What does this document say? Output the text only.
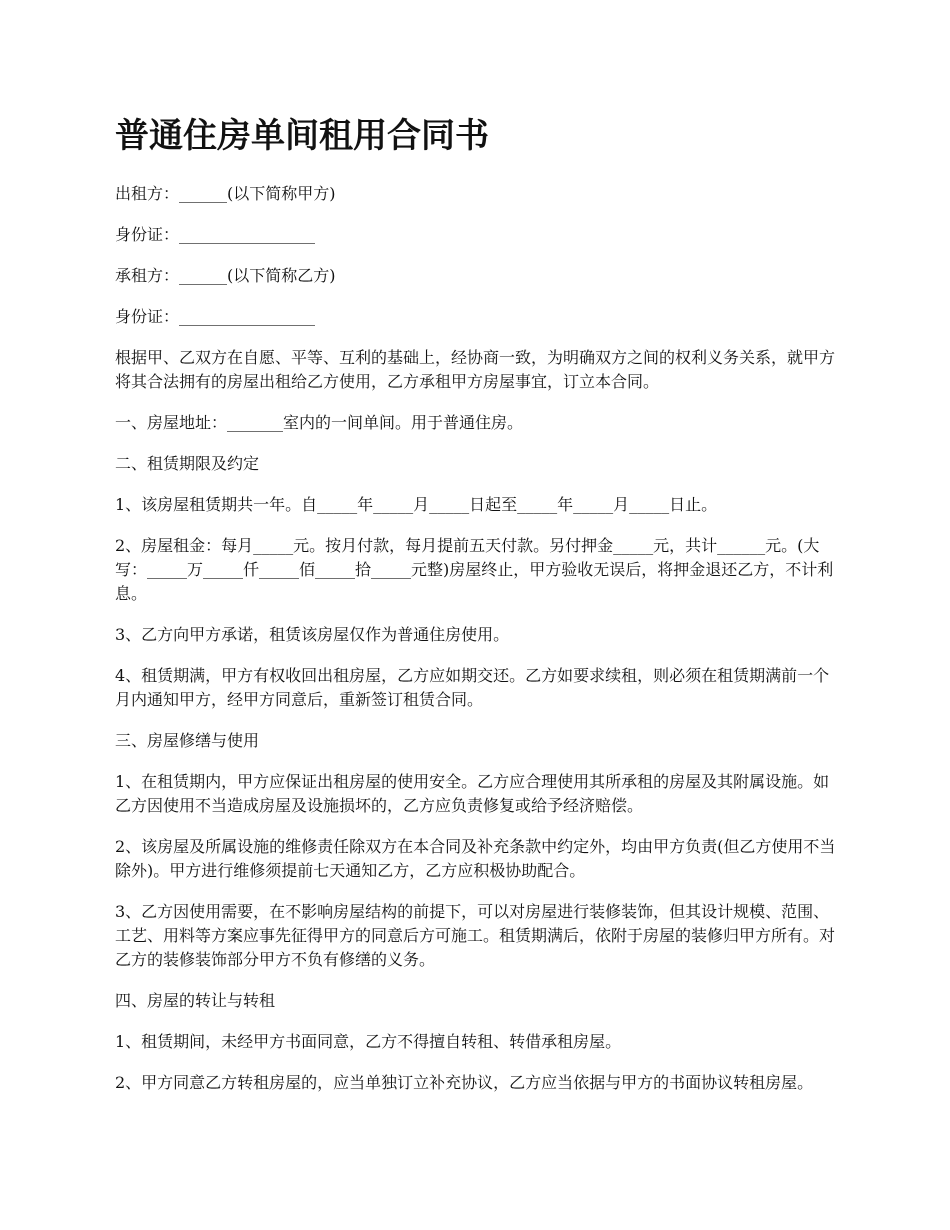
普通住房单间租用合同书

出租方：______(以下简称甲方)

身份证：_________________

承租方：______(以下简称乙方)

身份证：_________________

根据甲、乙双方在自愿、平等、互利的基础上，经协商一致，为明确双方之间的权利义务关系，就甲方将其合法拥有的房屋出租给乙方使用，乙方承租甲方房屋事宜，订立本合同。

一、房屋地址：_______室内的一间单间。用于普通住房。

二、租赁期限及约定

1、该房屋租赁期共一年。自_____年_____月_____日起至_____年_____月_____日止。

2、房屋租金：每月_____元。按月付款，每月提前五天付款。另付押金_____元，共计______元。(大写：_____万_____仟_____佰_____拾_____元整)房屋终止，甲方验收无误后，将押金退还乙方，不计利息。

3、乙方向甲方承诺，租赁该房屋仅作为普通住房使用。

4、租赁期满，甲方有权收回出租房屋，乙方应如期交还。乙方如要求续租，则必须在租赁期满前一个月内通知甲方，经甲方同意后，重新签订租赁合同。

三、房屋修缮与使用

1、在租赁期内，甲方应保证出租房屋的使用安全。乙方应合理使用其所承租的房屋及其附属设施。如乙方因使用不当造成房屋及设施损坏的，乙方应负责修复或给予经济赔偿。

2、该房屋及所属设施的维修责任除双方在本合同及补充条款中约定外，均由甲方负责(但乙方使用不当除外)。甲方进行维修须提前七天通知乙方，乙方应积极协助配合。

3、乙方因使用需要，在不影响房屋结构的前提下，可以对房屋进行装修装饰，但其设计规模、范围、工艺、用料等方案应事先征得甲方的同意后方可施工。租赁期满后，依附于房屋的装修归甲方所有。对乙方的装修装饰部分甲方不负有修缮的义务。

四、房屋的转让与转租

1、租赁期间，未经甲方书面同意，乙方不得擅自转租、转借承租房屋。

2、甲方同意乙方转租房屋的，应当单独订立补充协议，乙方应当依据与甲方的书面协议转租房屋。
